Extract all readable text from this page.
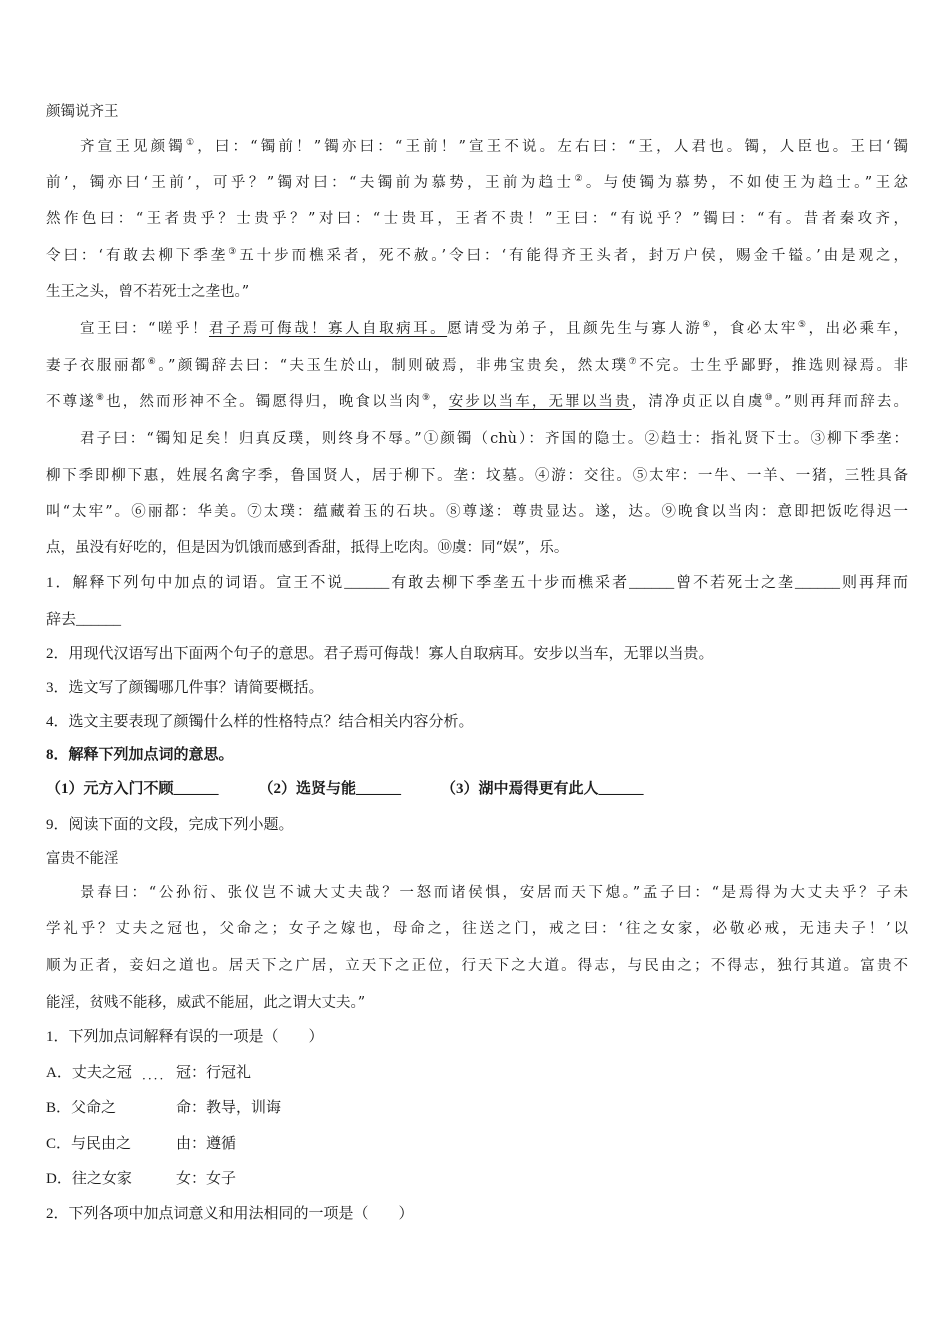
颜镯说齐王
齐宣王见颜镯①，曰：“镯前！”镯亦曰：“王前！”宣王不说。左右曰：“王，人君也。镯，人臣也。王曰‘镯
前’，镯亦曰‘王前’，可乎？”镯对曰：“夫镯前为慕势，王前为趋士②。与使镯为慕势，不如使王为趋士。”王忿
然作色曰：“王者贵乎？士贵乎？”对曰：“士贵耳，王者不贵！”王曰：“有说乎？”镯曰：“有。昔者秦攻齐，
令曰：‘有敢去柳下季垄③五十步而樵采者，死不赦。’令曰：‘有能得齐王头者，封万户侯，赐金千镒。’由是观之，
生王之头，曾不若死士之垄也。”
宣王曰：“嗟乎！君子焉可侮哉！寡人自取病耳。愿请受为弟子，且颜先生与寡人游④，食必太牢⑤，出必乘车，
妻子衣服丽都⑥。”颜镯辞去曰：“夫玉生於山，制则破焉，非弗宝贵矣，然太璞⑦不完。士生乎鄙野，推选则禄焉。非
不尊遂⑧也，然而形神不全。镯愿得归，晚食以当肉⑨，安步以当车，无罪以当贵，清净贞正以自虞⑩。”则再拜而辞去。
君子曰：“镯知足矣！归真反璞，则终身不辱。”①颜镯（chù）：齐国的隐士。②趋士：指礼贤下士。③柳下季垄：
柳下季即柳下惠，姓展名禽字季，鲁国贤人，居于柳下。垄：坟墓。④游：交往。⑤太牢：一牛、一羊、一猪，三牲具备
叫“太牢”。⑥丽都：华美。⑦太璞：蕴藏着玉的石块。⑧尊遂：尊贵显达。遂，达。⑨晚食以当肉：意即把饭吃得迟一
点，虽没有好吃的，但是因为饥饿而感到香甜，抵得上吃肉。⑩虞：同“娱”，乐。
1．解释下列句中加点的词语。宣王不说______有敢去柳下季垄五十步而樵采者______曾不若死士之垄______则再拜而
辞去______
2．用现代汉语写出下面两个句子的意思。君子焉可侮哉！寡人自取病耳。安步以当车，无罪以当贵。
3．选文写了颜镯哪几件事？请简要概括。
4．选文主要表现了颜镯什么样的性格特点？结合相关内容分析。
8．解释下列加点词的意思。
（1）元方入门不顾______	（2）选贤与能______	（3）湖中焉得更有此人______
9．阅读下面的文段，完成下列小题。
富贵不能淫
景春曰：“公孙衍、张仪岂不诚大丈夫哉？一怒而诸侯惧，安居而天下熄。”孟子曰：“是焉得为大丈夫乎？子未
学礼乎？丈夫之冠也，父命之；女子之嫁也，母命之，往送之门，戒之曰：‘往之女家，必敬必戒，无违夫子！’以
顺为正者，妾妇之道也。居天下之广居，立天下之正位，行天下之大道。得志，与民由之；不得志，独行其道。富贵不
能淫，贫贱不能移，威武不能屈，此之谓大丈夫。”
1．下列加点词解释有误的一项是（　　）
A．丈夫之冠	冠：行冠礼
····
B．父命之	命：教导，训诲
C．与民由之	由：遵循
D．往之女家	女：女子
2．下列各项中加点词意义和用法相同的一项是（　　）
